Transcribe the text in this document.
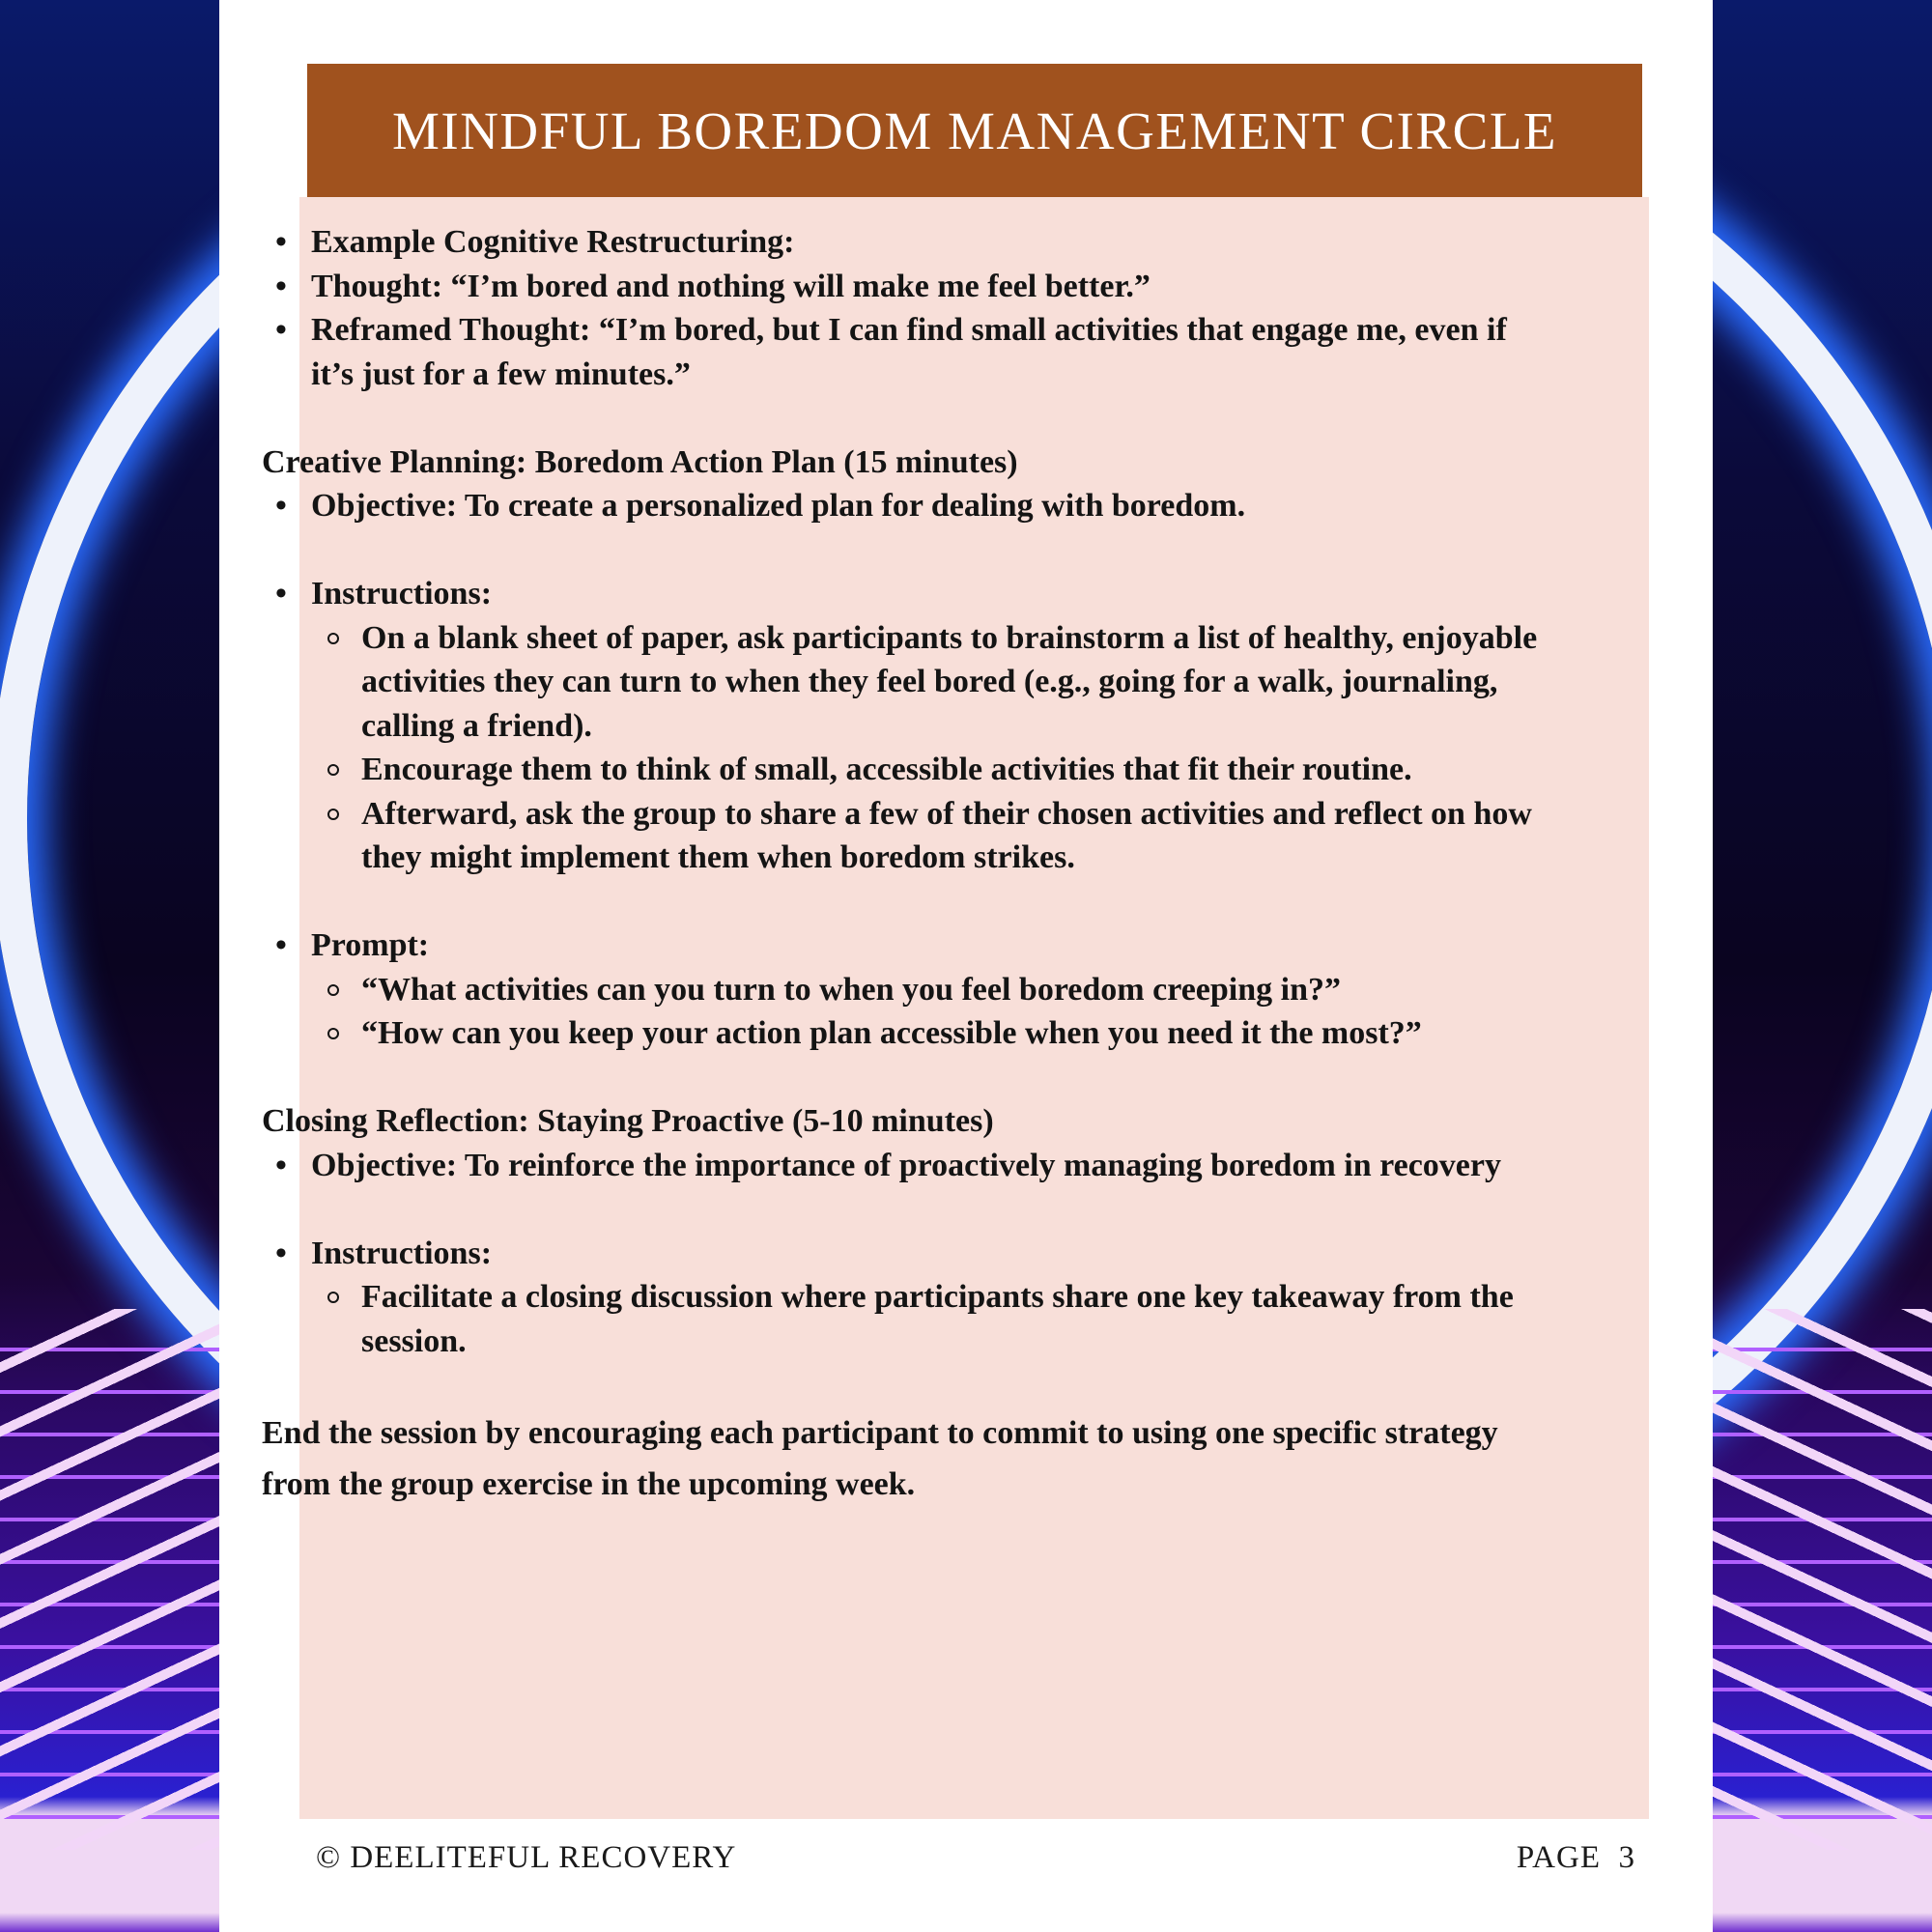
MINDFUL BOREDOM MANAGEMENT CIRCLE
• Example Cognitive Restructuring:
• Thought: “I’m bored and nothing will make me feel better.”
• Reframed Thought: “I’m bored, but I can find small activities that engage me, even if it’s just for a few minutes.”
Creative Planning: Boredom Action Plan (15 minutes)
• Objective: To create a personalized plan for dealing with boredom.
• Instructions:
On a blank sheet of paper, ask participants to brainstorm a list of healthy, enjoyable activities they can turn to when they feel bored (e.g., going for a walk, journaling, calling a friend).
Encourage them to think of small, accessible activities that fit their routine.
Afterward, ask the group to share a few of their chosen activities and reflect on how they might implement them when boredom strikes.
• Prompt:
“What activities can you turn to when you feel boredom creeping in?”
“How can you keep your action plan accessible when you need it the most?”
Closing Reflection: Staying Proactive (5-10 minutes)
• Objective: To reinforce the importance of proactively managing boredom in recovery
• Instructions:
Facilitate a closing discussion where participants share one key takeaway from the session.
End the session by encouraging each participant to commit to using one specific strategy from the group exercise in the upcoming week.
© DEELITEFUL RECOVERY	PAGE  3
